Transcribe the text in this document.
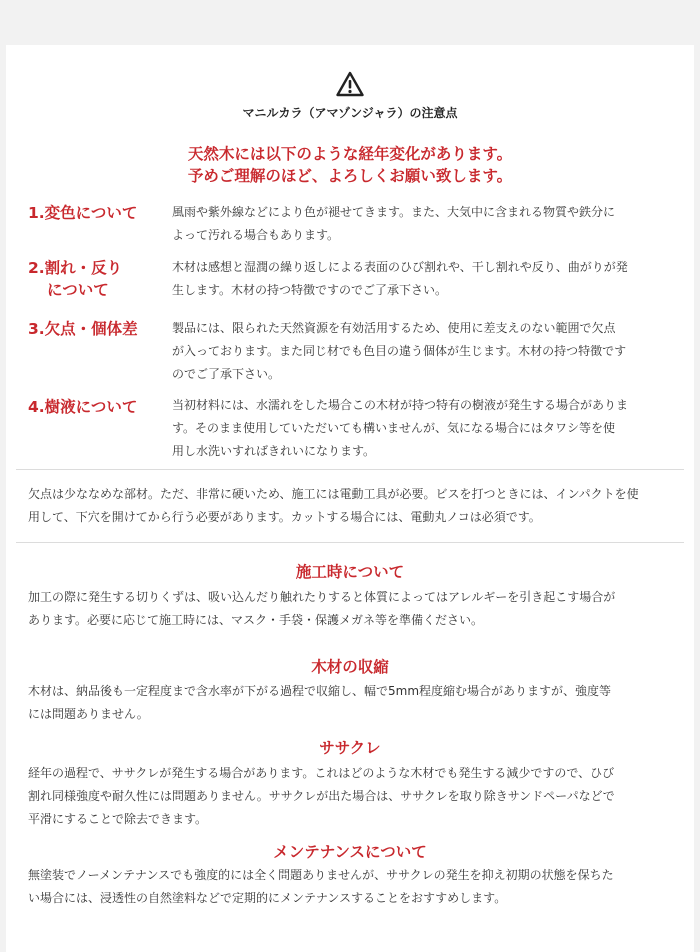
マニルカラ（アマゾンジャラ）の注意点
天然木には以下のような経年変化があります。
予めご理解のほど、よろしくお願い致します。
1.変色について	風雨や紫外線などにより色が褪せてきます。また、大気中に含まれる物質や鉄分に
よって汚れる場合もあります。
2.割れ・反り
について
木材は感想と湿潤の繰り返しによる表面のひび割れや、干し割れや反り、曲がりが発
生します。木材の持つ特徴ですのでご了承下さい。
3.欠点・個体差	製品には、限られた天然資源を有効活用するため、使用に差支えのない範囲で欠点
が入っております。また同じ材でも色目の違う個体が生じます。木材の持つ特徴です
のでご了承下さい。
4.樹液について	当初材料には、水濡れをした場合この木材が持つ特有の樹液が発生する場合がありま
す。そのまま使用していただいても構いませんが、気になる場合にはタワシ等を使
用し水洗いすればきれいになります。
欠点は少ななめな部材。ただ、非常に硬いため、施工には電動工具が必要。ビスを打つときには、インパクトを使
用して、下穴を開けてから行う必要があります。カットする場合には、電動丸ノコは必須です。
施工時について
加工の際に発生する切りくずは、吸い込んだり触れたりすると体質によってはアレルギーを引き起こす場合が
あります。必要に応じて施工時には、マスク・手袋・保護メガネ等を準備ください。
木材の収縮
木材は、納品後も一定程度まで含水率が下がる過程で収縮し、幅で5mm程度縮む場合がありますが、強度等
には問題ありません。
ササクレ
経年の過程で、ササクレが発生する場合があります。これはどのような木材でも発生する減少ですので、ひび
割れ同様強度や耐久性には問題ありません。ササクレが出た場合は、ササクレを取り除きサンドペーパなどで
平滑にすることで除去できます。
メンテナンスについて
無塗装でノーメンテナンスでも強度的には全く問題ありませんが、ササクレの発生を抑え初期の状態を保ちた
い場合には、浸透性の自然塗料などで定期的にメンテナンスすることをおすすめします。
